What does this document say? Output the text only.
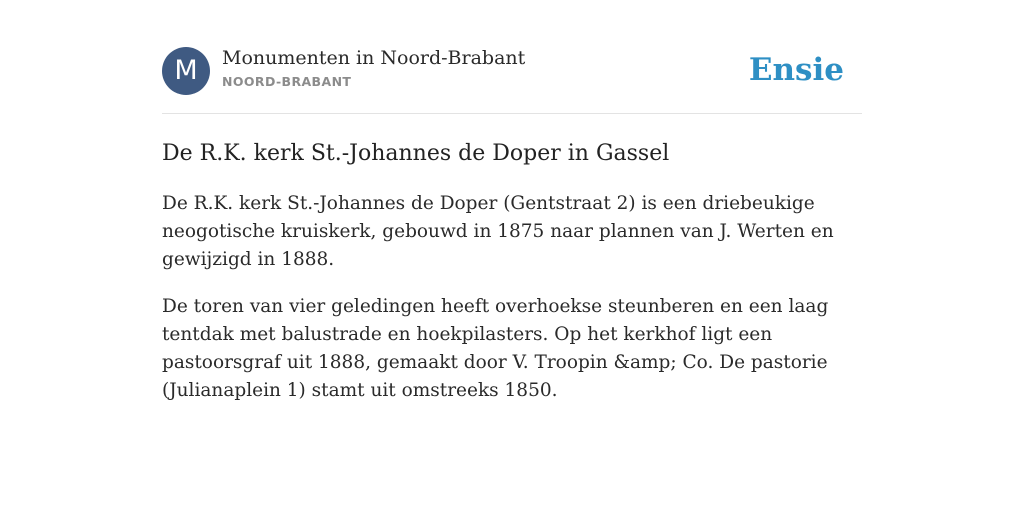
M	Monumenten in Noord-Brabant
NOORD-BRABANT	Ensie
De R.K. kerk St.-Johannes de Doper in Gassel

De R.K. kerk St.-Johannes de Doper (Gentstraat 2) is een driebeukige neogotische kruiskerk, gebouwd in 1875 naar plannen van J. Werten en gewijzigd in 1888.

De toren van vier geledingen heeft overhoekse steunberen en een laag tentdak met balustrade en hoekpilasters. Op het kerkhof ligt een pastoorsgraf uit 1888, gemaakt door V. Troopin &amp; Co. De pastorie (Julianaplein 1) stamt uit omstreeks 1850.
